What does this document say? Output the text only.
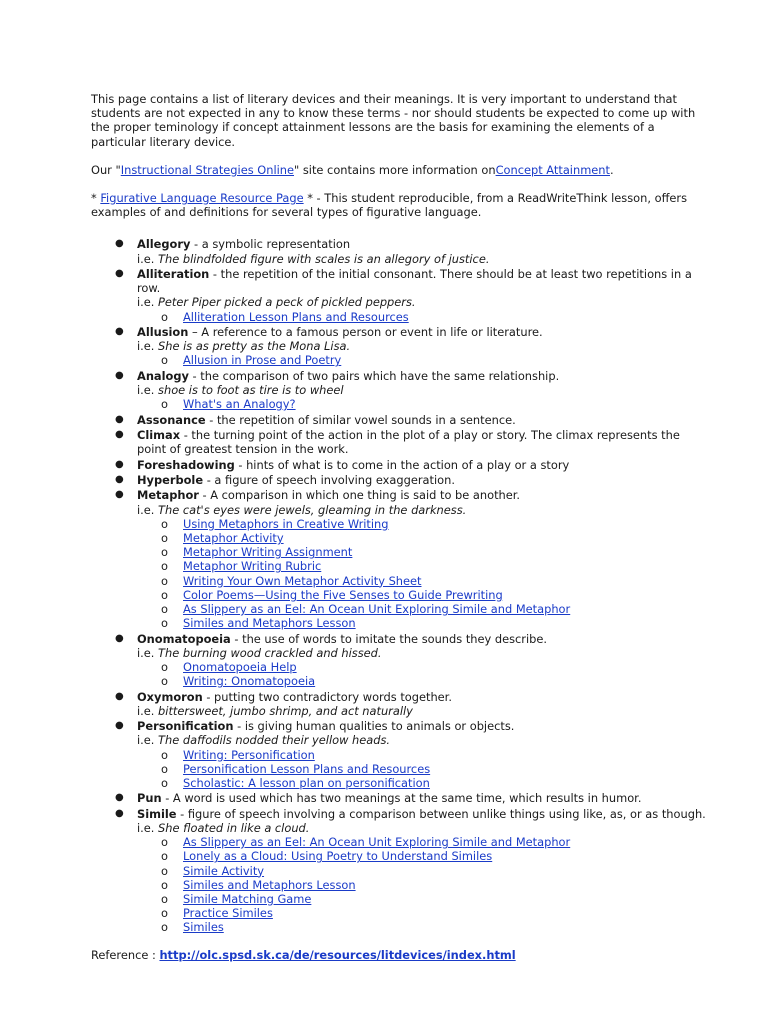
This page contains a list of literary devices and their meanings. It is very important to understand that students are not expected in any to know these terms - nor should students be expected to come up with the proper teminology if concept attainment lessons are the basis for examining the elements of a particular literary device.

Our "Instructional Strategies Online" site contains more information onConcept Attainment.

* Figurative Language Resource Page * - This student reproducible, from a ReadWriteThink lesson, offers examples of and definitions for several types of figurative language.

● Allegory - a symbolic representation
i.e. The blindfolded figure with scales is an allegory of justice.
● Alliteration - the repetition of the initial consonant. There should be at least two repetitions in a row.
i.e. Peter Piper picked a peck of pickled peppers.
o Alliteration Lesson Plans and Resources
● Allusion – A reference to a famous person or event in life or literature.
i.e. She is as pretty as the Mona Lisa.
o Allusion in Prose and Poetry
● Analogy - the comparison of two pairs which have the same relationship.
i.e. shoe is to foot as tire is to wheel
o What's an Analogy?
● Assonance - the repetition of similar vowel sounds in a sentence.
● Climax - the turning point of the action in the plot of a play or story. The climax represents the point of greatest tension in the work.
● Foreshadowing - hints of what is to come in the action of a play or a story
● Hyperbole - a figure of speech involving exaggeration.
● Metaphor - A comparison in which one thing is said to be another.
i.e. The cat's eyes were jewels, gleaming in the darkness.
o Using Metaphors in Creative Writing
o Metaphor Activity
o Metaphor Writing Assignment
o Metaphor Writing Rubric
o Writing Your Own Metaphor Activity Sheet
o Color Poems—Using the Five Senses to Guide Prewriting
o As Slippery as an Eel: An Ocean Unit Exploring Simile and Metaphor
o Similes and Metaphors Lesson
● Onomatopoeia - the use of words to imitate the sounds they describe.
i.e. The burning wood crackled and hissed.
o Onomatopoeia Help
o Writing: Onomatopoeia
● Oxymoron - putting two contradictory words together.
i.e. bittersweet, jumbo shrimp, and act naturally
● Personification - is giving human qualities to animals or objects.
i.e. The daffodils nodded their yellow heads.
o Writing: Personification
o Personification Lesson Plans and Resources
o Scholastic: A lesson plan on personification
● Pun - A word is used which has two meanings at the same time, which results in humor.
● Simile - figure of speech involving a comparison between unlike things using like, as, or as though.
i.e. She floated in like a cloud.
o As Slippery as an Eel: An Ocean Unit Exploring Simile and Metaphor
o Lonely as a Cloud: Using Poetry to Understand Similes
o Simile Activity
o Similes and Metaphors Lesson
o Simile Matching Game
o Practice Similes
o Similes

Reference : http://olc.spsd.sk.ca/de/resources/litdevices/index.html
